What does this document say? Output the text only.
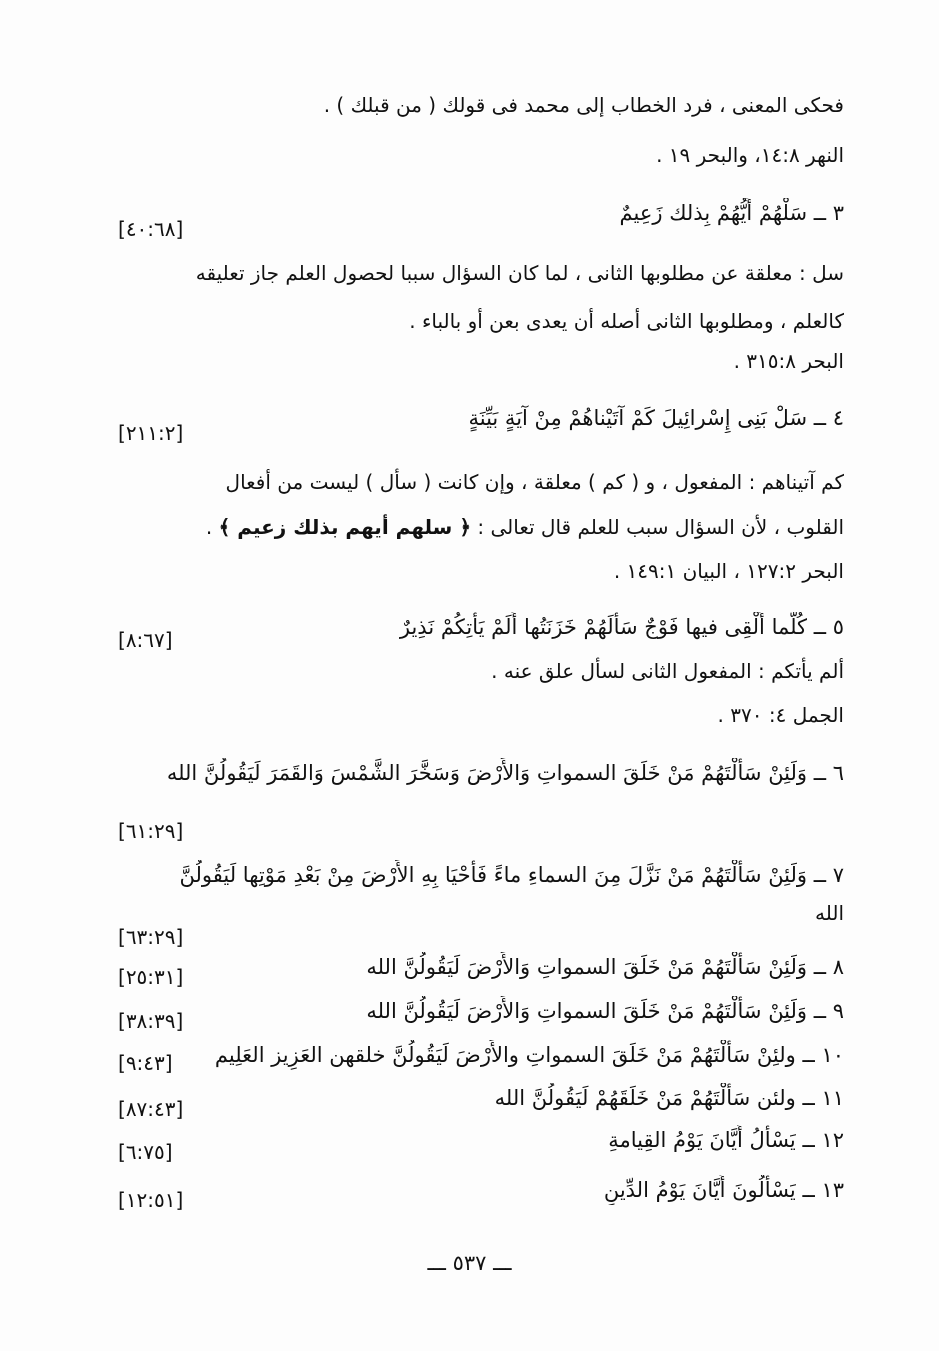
فحكى المعنى ، فرد الخطاب إلى محمد فى قولك ( من قبلك ) .
النهر ١٤:٨، والبحر ١٩ .
٣ ــ سَلْهُمْ أَيُّهُمْ بِذلك زَعِيمٌ
[٤٠:٦٨]
سل : معلقة عن مطلوبها الثانى ، لما كان السؤال سببا لحصول العلم جاز تعليقه
كالعلم ، ومطلوبها الثانى أصله أن يعدى بعن أو بالباء .
البحر ٣١٥:٨ .
٤ ــ سَلْ بَنِى إِسْرائِيلَ كَمْ آتَيْناهُمْ مِنْ آيَةٍ بَيِّنَةٍ
[٢١١:٢]
كم آتيناهم : المفعول ، و ( كم ) معلقة ، وإن كانت ( سأل ) ليست من أفعال
القلوب ، لأن السؤال سبب للعلم قال تعالى : ﴿ سلهم أيهم بذلك زعيم ﴾ .
البحر ١٢٧:٢ ، البيان ١٤٩:١ .
٥ ــ كُلَّما أُلْقِى فيها فَوْجٌ سَأَلَهُمْ خَزَنَتُها أَلَمْ يَأْتِكُمْ نَذِيرٌ
[٨:٦٧]
ألم يأتكم : المفعول الثانى لسأل علق عنه .
الجمل ٤: ٣٧٠ .
٦ ــ وَلَئِنْ سَأَلْتَهُمْ مَنْ خَلَقَ السمواتِ وَالأَرْضَ وَسَخَّرَ الشَّمْسَ وَالقَمَرَ لَيَقُولُنَّ الله
[٦١:٢٩]
٧ ــ وَلَئِنْ سَأَلْتَهُمْ مَنْ نَزَّلَ مِنَ السماءِ ماءً فَأَحْيَا بِهِ الأَرْضَ مِنْ بَعْدِ مَوْتِها لَيَقُولُنَّ
الله
[٦٣:٢٩]
٨ ــ وَلَئِنْ سَأَلْتَهُمْ مَنْ خَلَقَ السمواتِ وَالأَرْضَ لَيَقُولُنَّ الله
[٢٥:٣١]
٩ ــ وَلَئِنْ سَأَلْتَهُمْ مَنْ خَلَقَ السمواتِ وَالأَرْضَ لَيَقُولُنَّ الله
[٣٨:٣٩]
١٠ ــ ولئِنْ سَأَلْتَهُمْ مَنْ خَلَقَ السمواتِ والأَرْضَ لَيَقُولُنَّ خلقهن العَزِيز العَلِيم
[٩:٤٣]
١١ ــ ولئن سَأَلْتَهُمْ مَنْ خَلَقَهُمْ لَيَقُولُنَّ الله
[٨٧:٤٣]
١٢ ــ يَسْأَلُ أَيَّانَ يَوْمُ القِيامةِ
[٦:٧٥]
١٣ ــ يَسْأَلُونَ أَيَّانَ يَوْمُ الدِّينِ
[١٢:٥١]
ـــ ٥٣٧ ـــ
